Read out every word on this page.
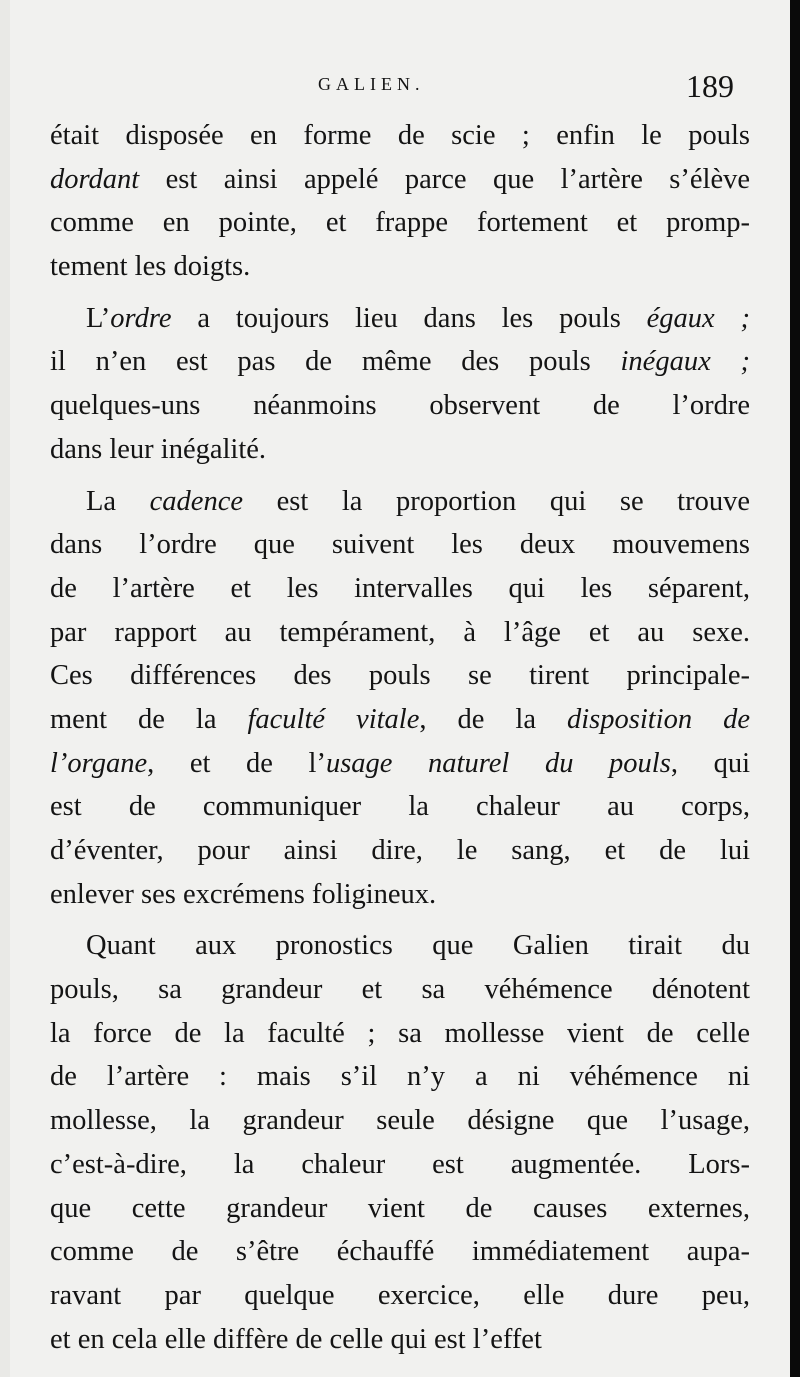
GALIEN.	189
était disposée en forme de scie ; enfin le pouls
dordant est ainsi appelé parce que l’artère s’élève
comme en pointe, et frappe fortement et promp-
tement les doigts.
L’ordre a toujours lieu dans les pouls égaux ;
il n’en est pas de même des pouls inégaux ;
quelques-uns néanmoins observent de l’ordre
dans leur inégalité.
La cadence est la proportion qui se trouve
dans l’ordre que suivent les deux mouvemens
de l’artère et les intervalles qui les séparent,
par rapport au tempérament, à l’âge et au sexe.
Ces différences des pouls se tirent principale-
ment de la faculté vitale, de la disposition de
l’organe, et de l’usage naturel du pouls, qui
est de communiquer la chaleur au corps,
d’éventer, pour ainsi dire, le sang, et de lui
enlever ses excrémens foligineux.
Quant aux pronostics que Galien tirait du
pouls, sa grandeur et sa véhémence dénotent
la force de la faculté ; sa mollesse vient de celle
de l’artère : mais s’il n’y a ni véhémence ni
mollesse, la grandeur seule désigne que l’usage,
c’est-à-dire, la chaleur est augmentée. Lors-
que cette grandeur vient de causes externes,
comme de s’être échauffé immédiatement aupa-
ravant par quelque exercice, elle dure peu,
et en cela elle diffère de celle qui est l’effet
